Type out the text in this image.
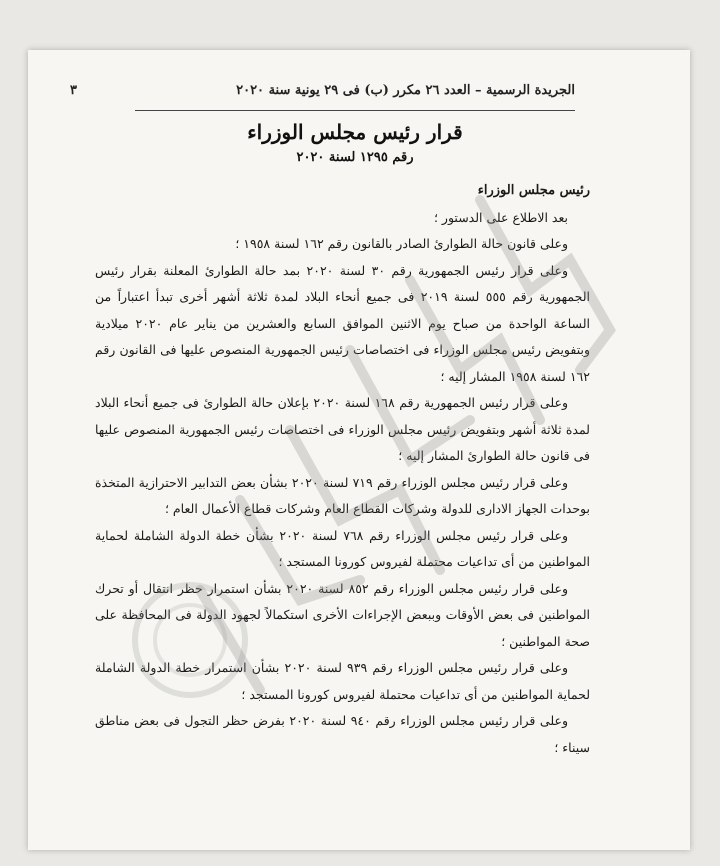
الجريدة الرسمية – العدد ٢٦ مكرر (ب) فى ٢٩ يونية سنة ٢٠٢٠
٣
قرار رئيس مجلس الوزراء
رقم ١٢٩٥ لسنة ٢٠٢٠

رئيس مجلس الوزراء

بعد الاطلاع على الدستور ؛

وعلى قانون حالة الطوارئ الصادر بالقانون رقم ١٦٢ لسنة ١٩٥٨ ؛

وعلى قرار رئيس الجمهورية رقم ٣٠ لسنة ٢٠٢٠ بمد حالة الطوارئ المعلنة بقرار رئيس الجمهورية رقم ٥٥٥ لسنة ٢٠١٩ فى جميع أنحاء البلاد لمدة ثلاثة أشهر أخرى تبدأ اعتباراً من الساعة الواحدة من صباح يوم الاثنين الموافق السابع والعشرين من يناير عام ٢٠٢٠ ميلادية وبتفويض رئيس مجلس الوزراء فى اختصاصات رئيس الجمهورية المنصوص عليها فى القانون رقم ١٦٢ لسنة ١٩٥٨ المشار إليه ؛

وعلى قرار رئيس الجمهورية رقم ١٦٨ لسنة ٢٠٢٠ بإعلان حالة الطوارئ فى جميع أنحاء البلاد لمدة ثلاثة أشهر وبتفويض رئيس مجلس الوزراء فى اختصاصات رئيس الجمهورية المنصوص عليها فى قانون حالة الطوارئ المشار إليه ؛

وعلى قرار رئيس مجلس الوزراء رقم ٧١٩ لسنة ٢٠٢٠ بشأن بعض التدابير الاحترازية المتخذة بوحدات الجهاز الادارى للدولة وشركات القطاع العام وشركات قطاع الأعمال العام ؛

وعلى قرار رئيس مجلس الوزراء رقم ٧٦٨ لسنة ٢٠٢٠ بشأن خطة الدولة الشاملة لحماية المواطنين من أى تداعيات محتملة لفيروس كورونا المستجد ؛

وعلى قرار رئيس مجلس الوزراء رقم ٨٥٢ لسنة ٢٠٢٠ بشأن استمرار حظر انتقال أو تحرك المواطنين فى بعض الأوقات وببعض الإجراءات الأخرى استكمالاً لجهود الدولة فى المحافظة على صحة المواطنين ؛

وعلى قرار رئيس مجلس الوزراء رقم ٩٣٩ لسنة ٢٠٢٠ بشأن استمرار خطة الدولة الشاملة لحماية المواطنين من أى تداعيات محتملة لفيروس كورونا المستجد ؛

وعلى قرار رئيس مجلس الوزراء رقم ٩٤٠ لسنة ٢٠٢٠ بفرض حظر التجول فى بعض مناطق سيناء ؛
